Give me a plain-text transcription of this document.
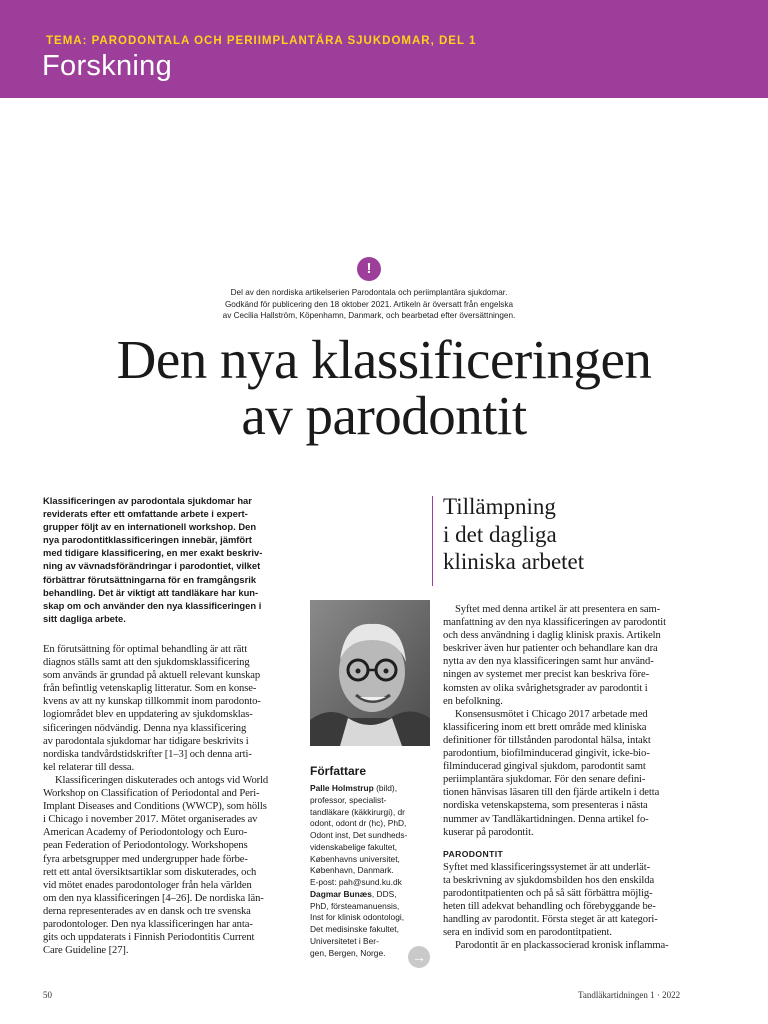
TEMA: PARODONTALA OCH PERIIMPLANTÄRA SJUKDOMAR, DEL 1
Forskning
!
Del av den nordiska artikelserien Parodontala och periimplantära sjukdomar.
Godkänd för publicering den 18 oktober 2021. Artikeln är översatt från engelska
av Cecilia Hallström, Köpenhamn, Danmark, och bearbetad efter översättningen.
Den nya klassificeringen
av parodontit
Klassificeringen av parodontala sjukdomar har
reviderats efter ett omfattande arbete i expert-
grupper följt av en internationell workshop. Den
nya parodontitklassificeringen innebär, jämfört
med tidigare klassificering, en mer exakt beskriv-
ning av vävnadsförändringar i parodontiet, vilket
förbättrar förutsättningarna för en framgångsrik
behandling. Det är viktigt att tandläkare har kun-
skap om och använder den nya klassificeringen i
sitt dagliga arbete.
En förutsättning för optimal behandling är att rätt
diagnos ställs samt att den sjukdomsklassificering
som används är grundad på aktuell relevant kunskap
från befintlig vetenskaplig litteratur. Som en konse-
kvens av att ny kunskap tillkommit inom parodonto-
logiområdet blev en uppdatering av sjukdomsklas-
sificeringen nödvändig. Denna nya klassificering
av parodontala sjukdomar har tidigare beskrivits i
nordiska tandvårdstidskrifter [1–3] och denna arti-
kel relaterar till dessa.
Klassificeringen diskuterades och antogs vid World
Workshop on Classification of Periodontal and Peri-
Implant Diseases and Conditions (WWCP), som hölls
i Chicago i november 2017. Mötet organiserades av
American Academy of Periodontology och Euro-
pean Federation of Periodontology. Workshopens
fyra arbetsgrupper med undergrupper hade förbe-
rett ett antal översiktsartiklar som diskuterades, och
vid mötet enades parodontologer från hela världen
om den nya klassificeringen [4–26]. De nordiska län-
derna representerades av en dansk och tre svenska
parodontologer. Den nya klassificeringen har antа-
gits och uppdaterats i Finnish Periodontitis Current
Care Guideline [27].
Författare
Palle Holmstrup (bild),
professor, specialist-
tandläkare (käkkirurgi), dr
odont, odont dr (hc), PhD,
Odont inst, Det sundheds-
videnskabelige fakultet,
Københavns universitet,
København, Danmark.
E-post: pah@sund.ku.dk
Dagmar Bunæs, DDS,
PhD, försteamanuensis,
Inst for klinisk odontologi,
Det medisinske fakultet,
Universitetet i Ber-
gen, Bergen, Norge.	→
Tillämpning
i det dagliga
kliniska arbetet
Syftet med denna artikel är att presentera en sam-
manfattning av den nya klassificeringen av parodontit
och dess användning i daglig klinisk praxis. Artikeln
beskriver även hur patienter och behandlare kan dra
nytta av den nya klassificeringen samt hur använd-
ningen av systemet mer precist kan beskriva före-
komsten av olika svårighetsgrader av parodontit i
en befolkning.
Konsensusmötet i Chicago 2017 arbetade med
klassificering inom ett brett område med kliniska
definitioner för tillstånden parodontal hälsa, intakt
parodontium, biofilminducerad gingivit, icke-bio-
filminducerad gingival sjukdom, parodontit samt
periimplantära sjukdomar. För den senare defini-
tionen hänvisas läsaren till den fjärde artikeln i detta
nordiska vetenskapstema, som presenteras i nästa
nummer av Tandläkartidningen. Denna artikel fo-
kuserar på parodontit.
PARODONTIT
Syftet med klassificeringssystemet är att underlät-
ta beskrivning av sjukdomsbilden hos den enskilda
parodontitpatienten och på så sätt förbättra möjlig-
heten till adekvat behandling och förebyggande be-
handling av parodontit. Första steget är att kategori-
sera en individ som en parodontitpatient.
Parodontit är en plackassocierad kronisk inflamma-
50	Tandläkartidningen 1 · 2022
